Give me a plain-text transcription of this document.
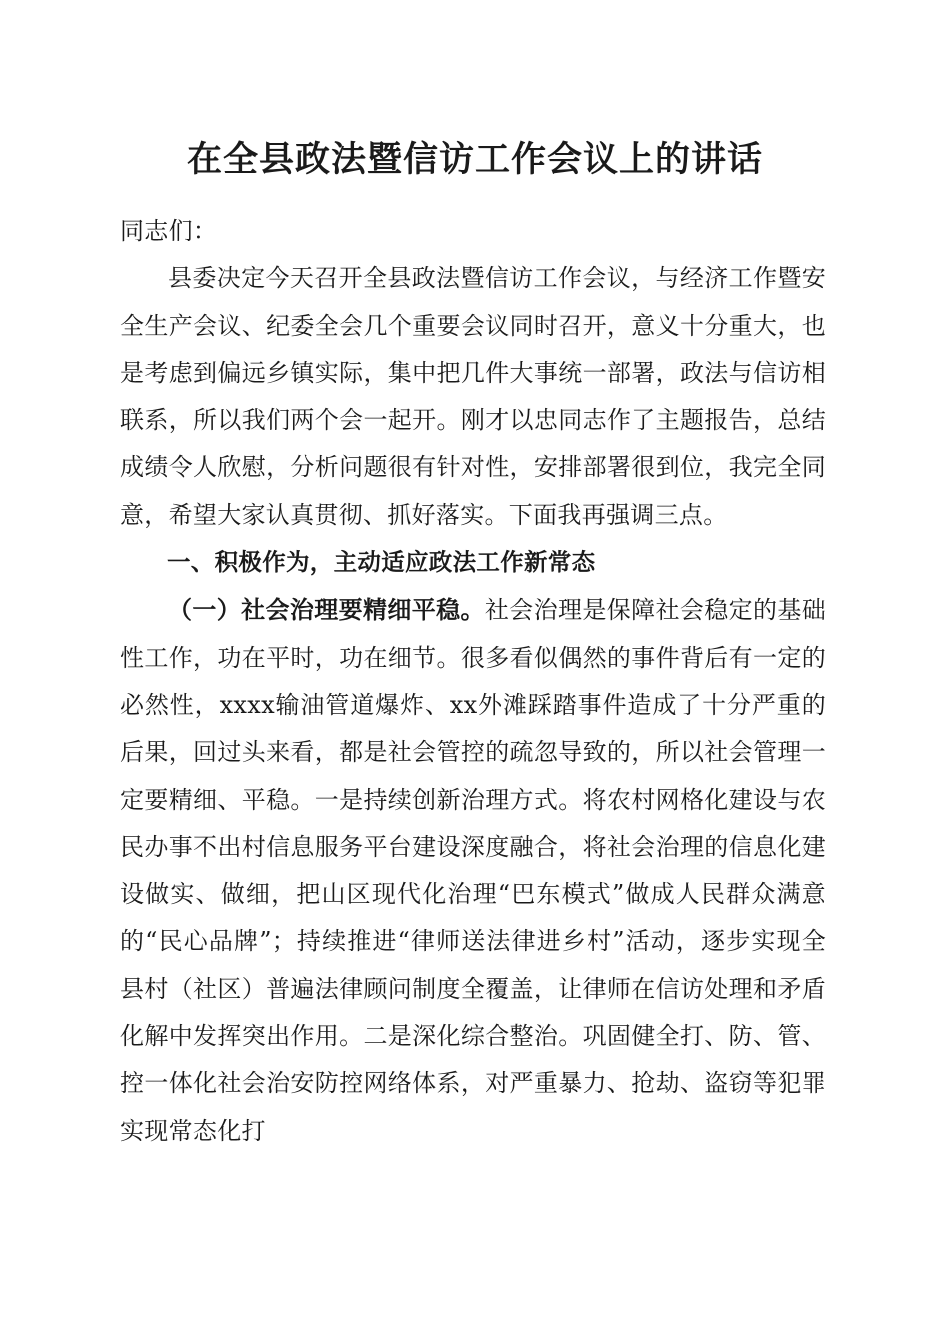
在全县政法暨信访工作会议上的讲话

同志们：

县委决定今天召开全县政法暨信访工作会议，与经济工作暨安全生产会议、纪委全会几个重要会议同时召开，意义十分重大，也是考虑到偏远乡镇实际，集中把几件大事统一部署，政法与信访相联系，所以我们两个会一起开。刚才以忠同志作了主题报告，总结成绩令人欣慰，分析问题很有针对性，安排部署很到位，我完全同意，希望大家认真贯彻、抓好落实。下面我再强调三点。

一、积极作为，主动适应政法工作新常态

（一）社会治理要精细平稳。社会治理是保障社会稳定的基础性工作，功在平时，功在细节。很多看似偶然的事件背后有一定的必然性，xxxx输油管道爆炸、xx外滩踩踏事件造成了十分严重的后果，回过头来看，都是社会管控的疏忽导致的，所以社会管理一定要精细、平稳。一是持续创新治理方式。将农村网格化建设与农民办事不出村信息服务平台建设深度融合，将社会治理的信息化建设做实、做细，把山区现代化治理“巴东模式”做成人民群众满意的“民心品牌”；持续推进“律师送法律进乡村”活动，逐步实现全县村（社区）普遍法律顾问制度全覆盖，让律师在信访处理和矛盾化解中发挥突出作用。二是深化综合整治。巩固健全打、防、管、控一体化社会治安防控网络体系，对严重暴力、抢劫、盗窃等犯罪实现常态化打
